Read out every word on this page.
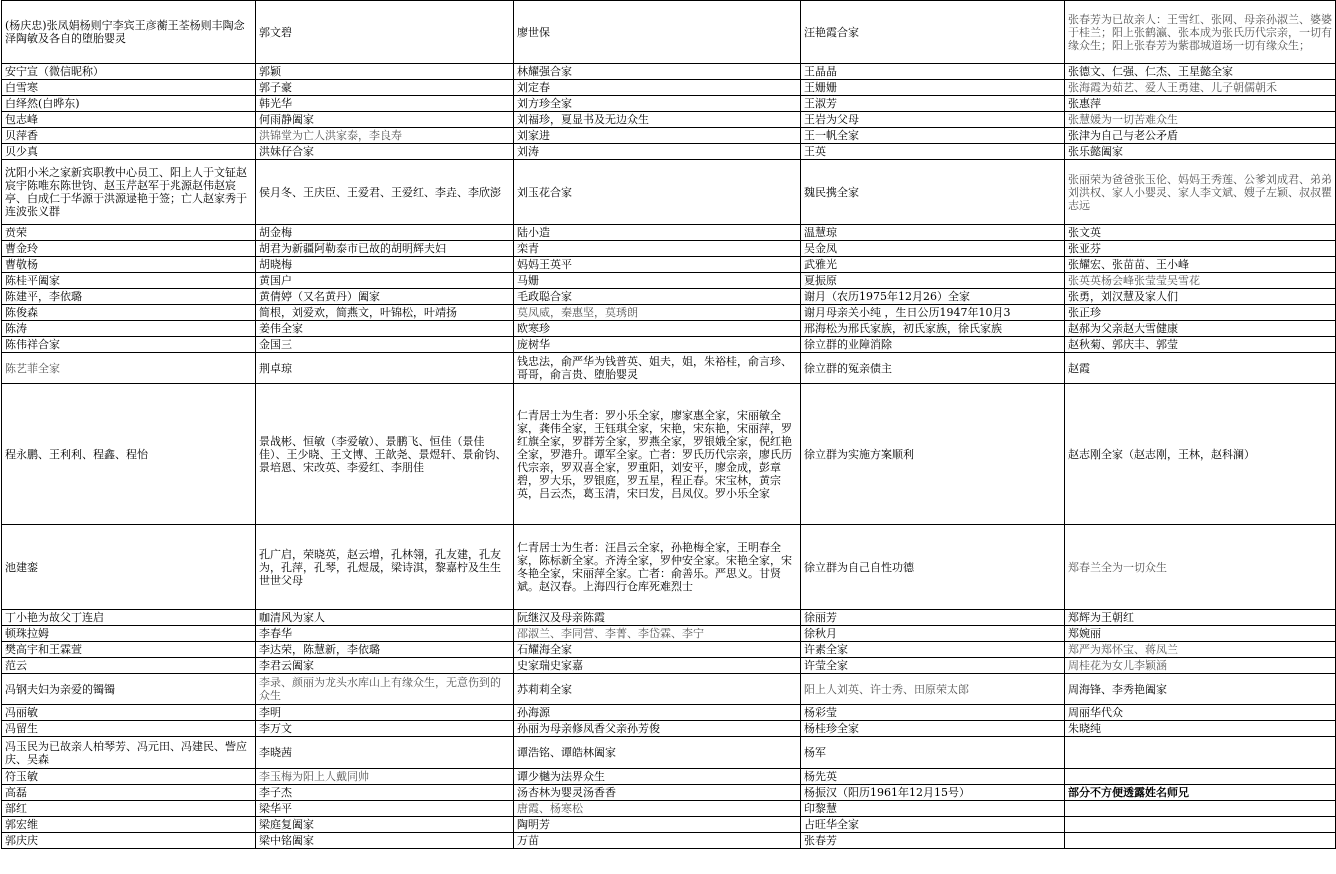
(杨庆忠)张凤娟杨则宁李宾王彦蘅王荃杨则丰陶念泽陶敏及各自的堕胎婴灵	郭文碧	廖世保	汪艳霞合家	张春芳为已故亲人：王雪红、张网、母亲孙淑兰、婆婆于桂兰；阳上张鹤瀛、张本成为张氏历代宗亲，一切有缘众生；阳上张春芳为紫郡城道场一切有缘众生；
安宁宣（微信昵称）	郭颖	林耀强合家	王晶晶	张德文、仁强、仁杰、王星懿全家
白雪寒	郭子豪	刘定春	王姗姗	张海霞为茹艺、爱人王勇建、儿子朝儒朝禾
白绎然(白晔东)	韩光华	刘方珍全家	王淑芳	张惠萍
包志峰	何雨静阖家	刘福珍，夏显书及无边众生	王岩为父母	张慧媛为一切苦难众生
贝萍香	洪锦堂为亡人洪家泰，李良寿	刘家进	王一帆全家	张津为自己与老公矛盾
贝少真	洪妹仔合家	刘涛	王英	张乐懿阖家
沈阳小米之家新宾职教中心员工、阳上人于文钲赵宸宇陈唯东陈世钧、赵玉芹赵军于兆源赵伟赵宸亭、白成仁于华源于洪源逯艳于签；亡人赵家秀于连波张义群	侯月冬、王庆臣、王爱君、王爱红、李垚、李欣澎	刘玉花合家	魏民携全家	张丽荣为爸爸张玉伦、妈妈王秀莲、公爹刘成君、弟弟刘洪权、家人小婴灵、家人李文斌、嫂子左颖、叔叔瞿志远
贲荣	胡金梅	陆小造	温慧琼	张文英
曹金玲	胡君为新疆阿勒泰市已故的胡明辉夫妇	栾青	吴金凤	张亚芬
曹敬杨	胡晓梅	妈妈王英平	武雅光	张耀宏、张苗苗、王小峰
陈桂平阖家	黄国户	马姗	夏振原	张英英杨会峰张莹莹吴雪花
陈建平，李依璐	黄倩婷（又名黄丹）阖家	毛政聪合家	谢月（农历1975年12月26）全家	张勇，刘汉慧及家人们
陈俊森	简根，刘爱欢，简燕文，叶锦松，叶靖扬	莫凤威，秦惠坚，莫琇朗	谢月母亲关小纯 ，生日公历1947年10月3	张正珍
陈涛	姜伟全家	欧寒珍	邢海松为邢氏家族，初氏家族，徐氏家族	赵郝为父亲赵大雪健康
陈伟祥合家	金国三	庞树华	徐立群的业障消除	赵秋菊、郭庆丰、郭莹
陈艺菲全家	荆卓琼	钱忠法，俞严华为钱普英、姐夫，姐，朱裕桂，俞言珍、哥哥，俞言贵、堕胎婴灵	徐立群的冤亲债主	赵霞
程永鹏、王利利、程鑫、程怡	景战彬、恒敏（李爱敏）、景鹏飞、恒佳（景佳佳）、王少晓、王文博、王歆尧、景煜轩、景俞钧、景培恩、宋改英、李爱红、李朋佳	仁青居士为生者：罗小乐全家，廖家惠全家，宋丽敏全家，龚伟全家，王钰琪全家，宋艳，宋东艳，宋丽萍，罗红旗全家，罗群芳全家，罗燕全家，罗银娥全家，倪红艳全家，罗港升。谭军全家。亡者：罗氏历代宗亲，廖氏历代宗亲，罗双喜全家，罗重阳，刘安平，廖金成，彭章碧，罗大乐，罗银庭，罗五星，程正春。宋宝林，黄宗英，吕云杰，葛玉清，宋曰发，吕凤仪。罗小乐全家	徐立群为实施方案顺利	赵志刚全家（赵志刚，王林，赵科澜）
池建銮	孔广启，荣晓英，赵云增，孔林翎，孔友建，孔友为，孔萍，孔琴，孔煜晟，梁诗淇，黎嘉柠及生生世世父母	仁青居士为生者：汪昌云全家，孙艳梅全家，王明春全家，陈标新全家。齐涛全家，罗仲安全家。宋艳全家，宋冬艳全家，宋丽萍全家。亡者：俞善乐。严思义。甘贤斌。赵汉春。上海四行仓库死难烈士	徐立群为自己自性功德	郑春兰全为一切众生
丁小艳为故父丁连启	咖清风为家人	阮继汉及母亲陈霞	徐丽芳	郑辉为王朝红
顿珠拉姆	李春华	邵淑兰、李同营、李菁、李岱霖、李宁	徐秋月	郑婉丽
樊高宇和王霖萱	李达荣，陈慧新，李依璐	石耀海全家	许素全家	郑严为郑怀宝、蒋凤兰
范云	李君云阖家	史家瑞史家嘉	许莹全家	周桂花为女儿李颖涵
冯钢夫妇为亲爱的镯镯	李录、颜丽为龙头水库山上有缘众生，无意伤到的众生	苏莉莉全家	阳上人刘英、许士秀、田原荣太郎	周海锋、李秀艳阖家
冯丽敏	李明	孙海源	杨彩莹	周丽华代众
冯留生	李万文	孙丽为母亲修凤香父亲孙芳俊	杨桂珍全家	朱晓纯
冯玉民为已故亲人柏琴芳、冯元田、冯建民、訾应庆、吴森	李晓茜	谭浩铭、谭皓林阖家	杨军	
符玉敏	李玉梅为阳上人戴同帅	谭少樾为法界众生	杨先英	
高磊	李子杰	汤杏林为婴灵汤香香	杨振汉（阳历1961年12月15号）	部分不方便透露姓名师兄
部红	梁华平	唐霞、杨寒松	印黎慧	
郭宏维	梁庭复阖家	陶明芳	占旺华全家	
郭庆庆	梁中铭阖家	万苗	张春芳	
